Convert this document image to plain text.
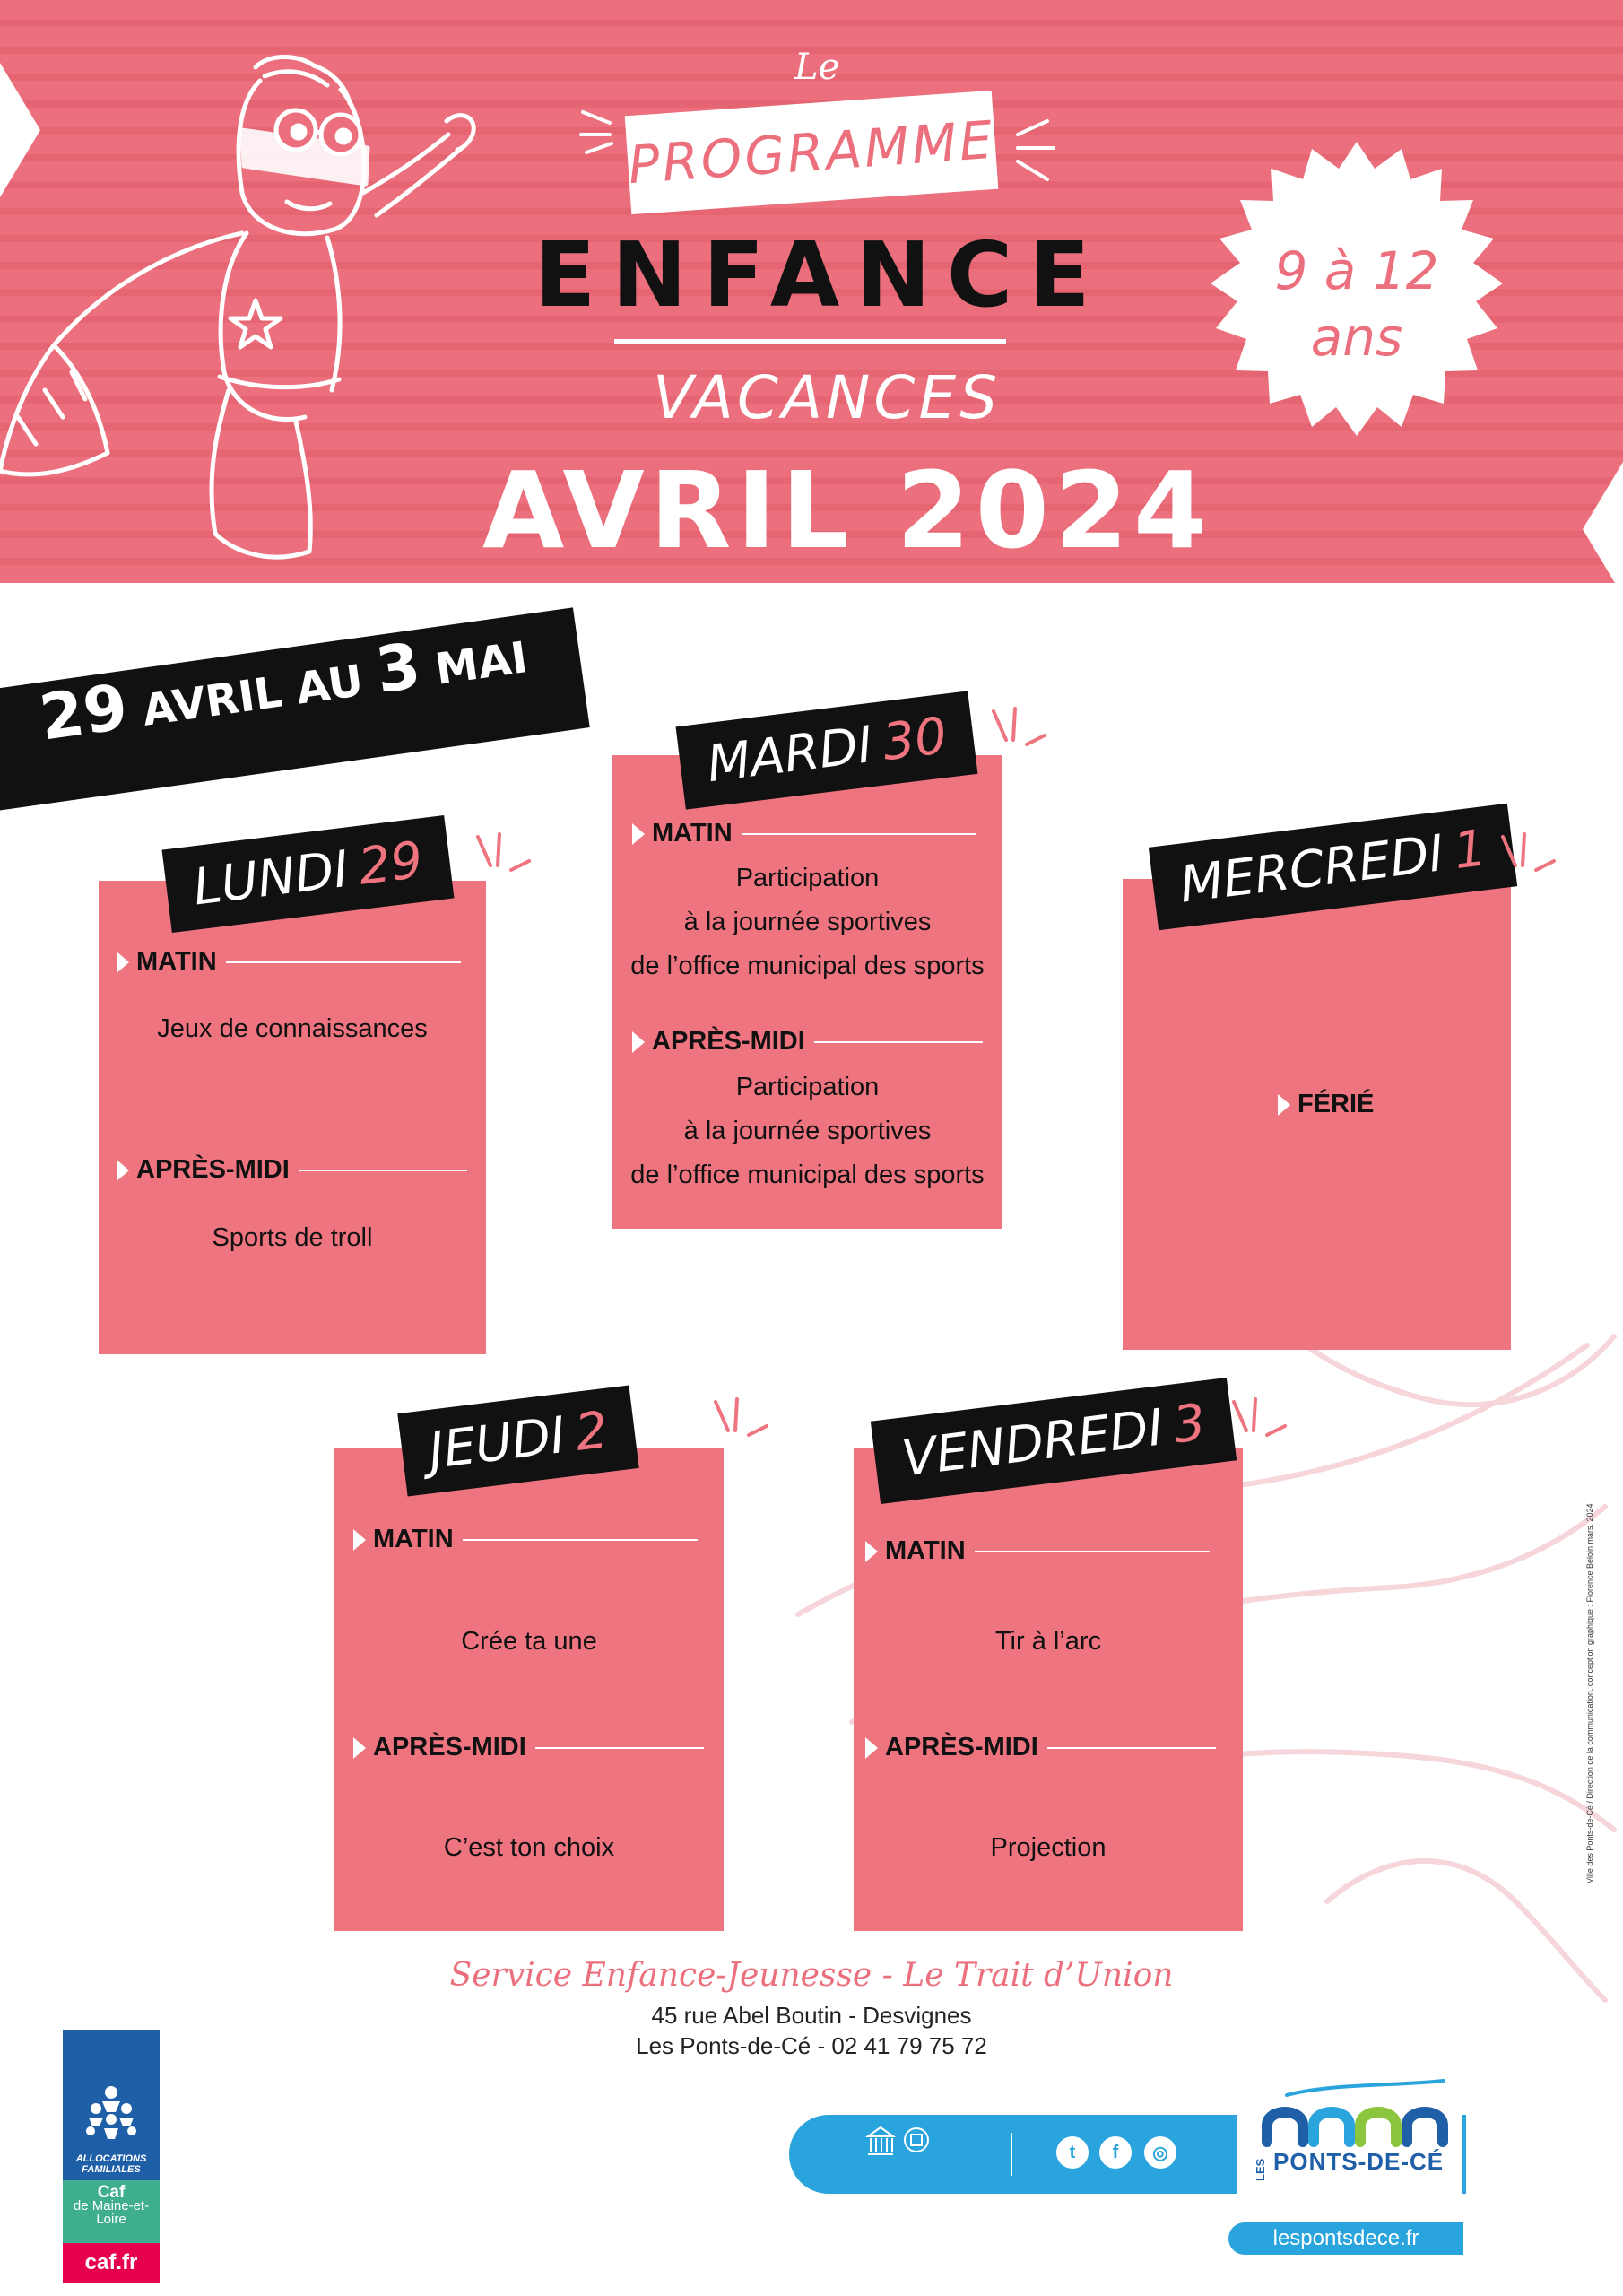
Le
PROGRAMME
ENFANCE
VACANCES
AVRIL 2024
9 à 12
ans
29 AVRIL AU 3 MAI
LUNDI29
MATIN
Jeux de connaissances
APRÈS-MIDI
Sports de troll
MARDI30
MATIN
Participation
à la journée sportives
de l’office municipal des sports
APRÈS-MIDI
Participation
à la journée sportives
de l’office municipal des sports
MERCREDI1
FÉRIÉ
JEUDI2
MATIN
Crée ta une
APRÈS-MIDI
C’est ton choix
VENDREDI3
MATIN
Tir à l’arc
APRÈS-MIDI
Projection
Service Enfance-Jeunesse - Le Trait d’Union
45 rue Abel Boutin - Desvignes
Les Ponts-de-Cé - 02 41 79 75 72
ALLOCATIONS FAMILIALES
Caf
de Maine-et-Loire
caf.fr
t	f	◎
LES PONTS-DE-CÉ
lespontsdece.fr
Ville des Ponts-de-Cé / Direction de la communication, conception graphique : Florence Beloin mars. 2024
